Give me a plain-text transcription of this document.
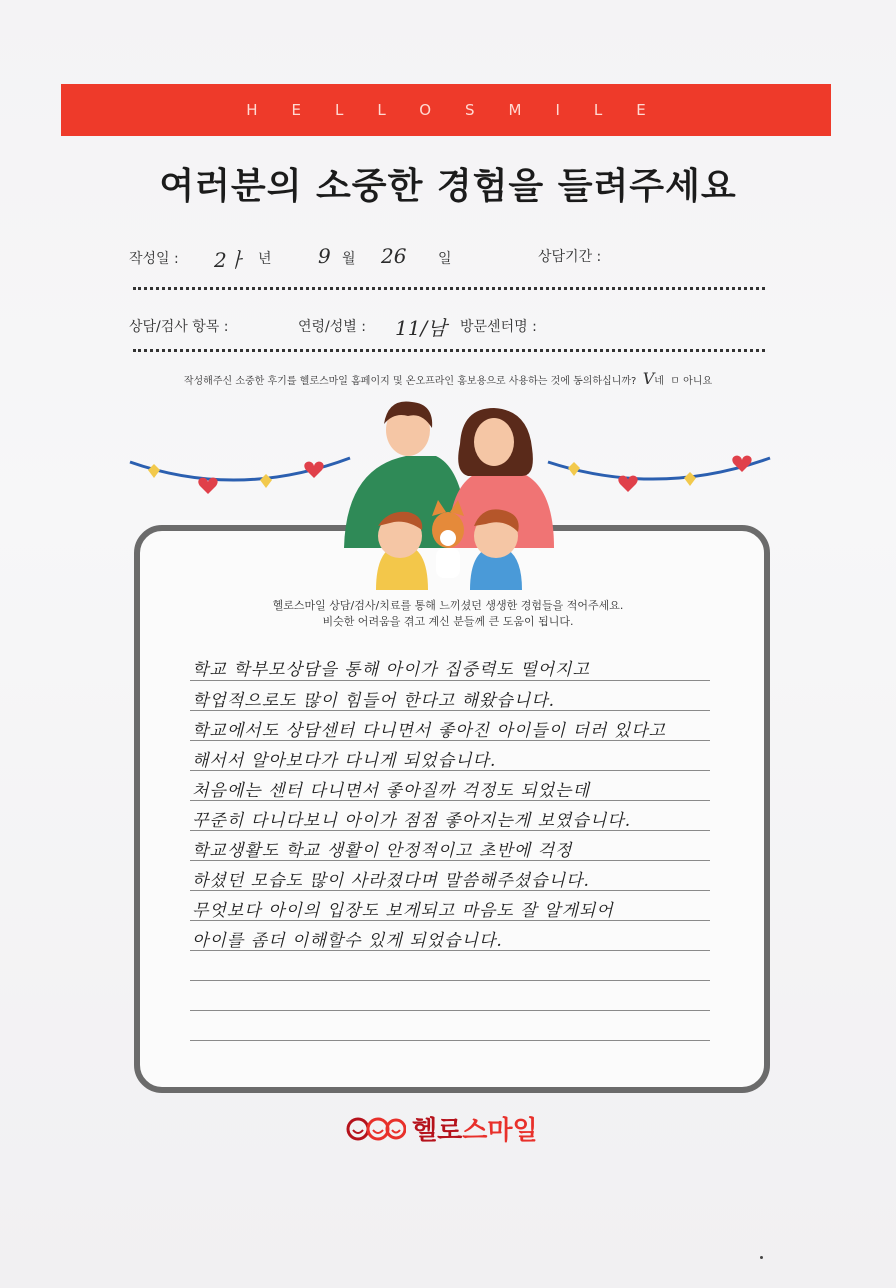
HELLOSMILE
여러분의 소중한 경험을 들려주세요
작성일 : 2ㅏ 년 9 월 26 일	상담기간 :
상담/검사 항목 :	연령/성별 : 11/남 방문센터명 :
작성해주신 소중한 후기를 헬로스마일 홈페이지 및 온오프라인 홍보용으로 사용하는 것에 동의하십니까? V네 ㅁ 아니요
헬로스마일 상담/검사/치료를 통해 느끼셨던 생생한 경험들을 적어주세요.
비슷한 어려움을 겪고 계신 분들께 큰 도움이 됩니다.
학교 학부모상담을 통해 아이가 집중력도 떨어지고
학업적으로도 많이 힘들어 한다고 해왔습니다.
학교에서도 상담센터 다니면서 좋아진 아이들이 더러 있다고
해서서 알아보다가 다니게 되었습니다.
처음에는 센터 다니면서 좋아질까 걱정도 되었는데
꾸준히 다니다보니 아이가 점점 좋아지는게 보였습니다.
학교생활도 학교 생활이 안정적이고 초반에 걱정
하셨던 모습도 많이 사라졌다며 말씀해주셨습니다.
무엇보다 아이의 입장도 보게되고 마음도 잘 알게되어
아이를 좀더 이해할수 있게 되었습니다.
헬로스마일
